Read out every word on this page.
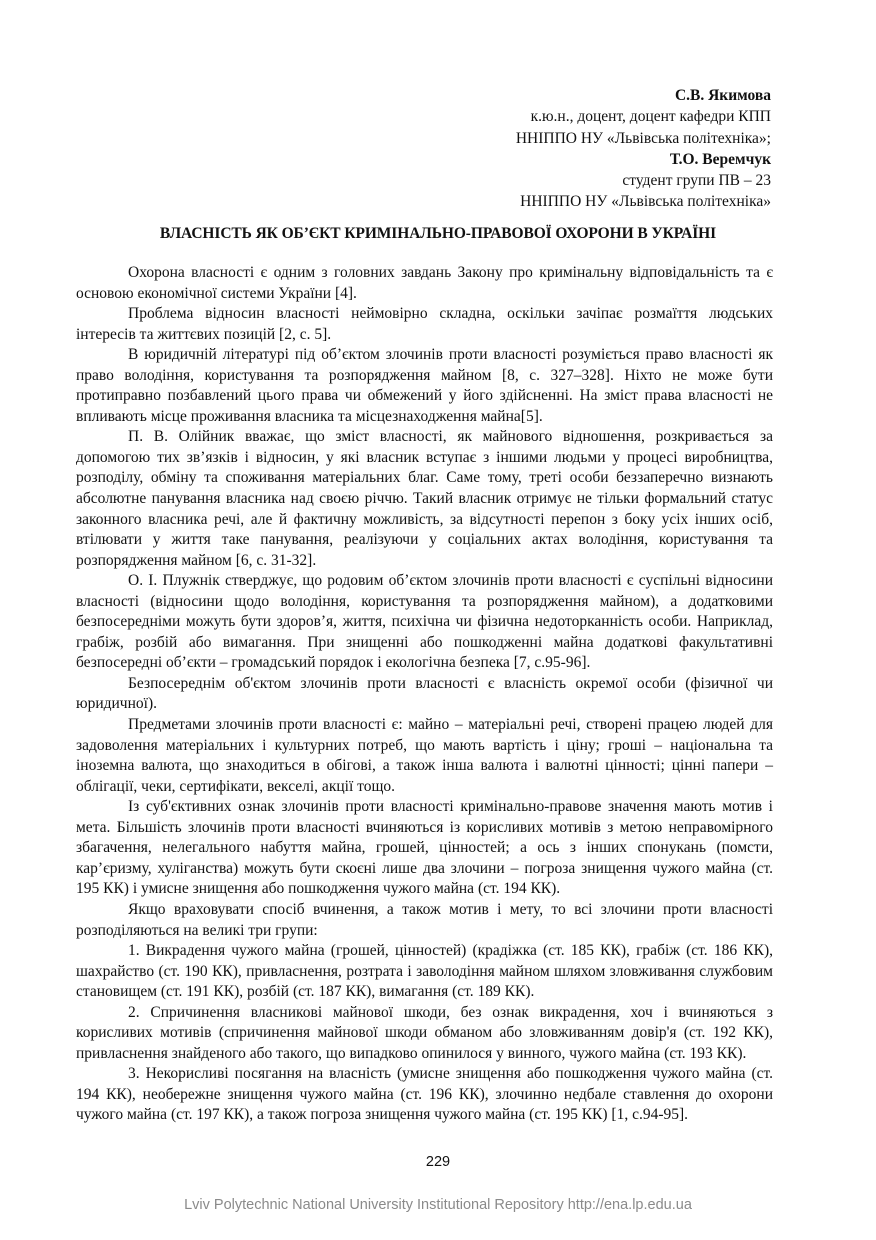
С.В. Якимова
к.ю.н., доцент, доцент кафедри КПП
ННІППО НУ «Львівська політехніка»;
Т.О. Веремчук
студент групи ПВ – 23
ННІППО НУ «Львівська політехніка»
ВЛАСНІСТЬ ЯК ОБ’ЄКТ КРИМІНАЛЬНО-ПРАВОВОЇ ОХОРОНИ В УКРАЇНІ

Охорона власності є одним з головних завдань Закону про кримінальну відповідальність та є основою економічної системи України [4].

Проблема відносин власності неймовірно складна, оскільки зачіпає розмаїття людських інтересів та життєвих позицій [2, с. 5].

В юридичній літературі під об’єктом злочинів проти власності розуміється право власності як право володіння, користування та розпорядження майном [8, с. 327–328]. Ніхто не може бути протиправно позбавлений цього права чи обмежений у його здійсненні. На зміст права власності не впливають місце проживання власника та місцезнаходження майна[5].

П. В. Олійник вважає, що зміст власності, як майнового відношення, розкривається за допомогою тих зв’язків і відносин, у які власник вступає з іншими людьми у процесі виробництва, розподілу, обміну та споживання матеріальних благ. Саме тому, треті особи беззаперечно визнають абсолютне панування власника над своєю річчю. Такий власник отримує не тільки формальний статус законного власника речі, але й фактичну можливість, за відсутності перепон з боку усіх інших осіб, втілювати у життя таке панування, реалізуючи у соціальних актах володіння, користування та розпорядження майном [6, с. 31-32].

О. І. Плужнік стверджує, що родовим об’єктом злочинів проти власності є суспільні відносини власності (відносини щодо володіння, користування та розпорядження майном), а додатковими безпосередніми можуть бути здоров’я, життя, психічна чи фізична недоторканність особи. Наприклад, грабіж, розбій або вимагання. При знищенні або пошкодженні майна додаткові факультативні безпосередні об’єкти – громадський порядок і екологічна безпека [7, с.95-96].

Безпосереднім об'єктом злочинів проти власності є власність окремої особи (фізичної чи юридичної).

Предметами злочинів проти власності є: майно – матеріальні речі, створені працею людей для задоволення матеріальних і культурних потреб, що мають вартість і ціну; гроші – національна та іноземна валюта, що знаходиться в обігові, а також інша валюта і валютні цінності; цінні папери – облігації, чеки, сертифікати, векселі, акції тощо.

Із суб'єктивних ознак злочинів проти власності кримінально-правове значення мають мотив і мета. Більшість злочинів проти власності вчиняються із корисливих мотивів з метою неправомірного збагачення, нелегального набуття майна, грошей, цінностей; а ось з інших спонукань (помсти, кар’єризму, хуліганства) можуть бути скоєні лише два злочини – погроза знищення чужого майна (ст. 195 КК) і умисне знищення або пошкодження чужого майна (ст. 194 КК).

Якщо враховувати спосіб вчинення, а також мотив і мету, то всі злочини проти власності розподіляються на великі три групи:

1. Викрадення чужого майна (грошей, цінностей) (крадіжка (ст. 185 КК), грабіж (ст. 186 КК), шахрайство (ст. 190 КК), привласнення, розтрата і заволодіння майном шляхом зловживання службовим становищем (ст. 191 КК), розбій (ст. 187 КК), вимагання (ст. 189 КК).

2. Спричинення власникові майнової шкоди, без ознак викрадення, хоч і вчиняються з корисливих мотивів (спричинення майнової шкоди обманом або зловживанням довір'я (ст. 192 КК), привласнення знайденого або такого, що випадково опинилося у винного, чужого майна (ст. 193 КК).

3. Некорисливі посягання на власність (умисне знищення або пошкодження чужого майна (ст. 194 КК), необережне знищення чужого майна (ст. 196 КК), злочинно недбале ставлення до охорони чужого майна (ст. 197 КК), а також погроза знищення чужого майна (ст. 195 КК) [1, с.94-95].

229
Lviv Polytechnic National University Institutional Repository http://ena.lp.edu.ua
